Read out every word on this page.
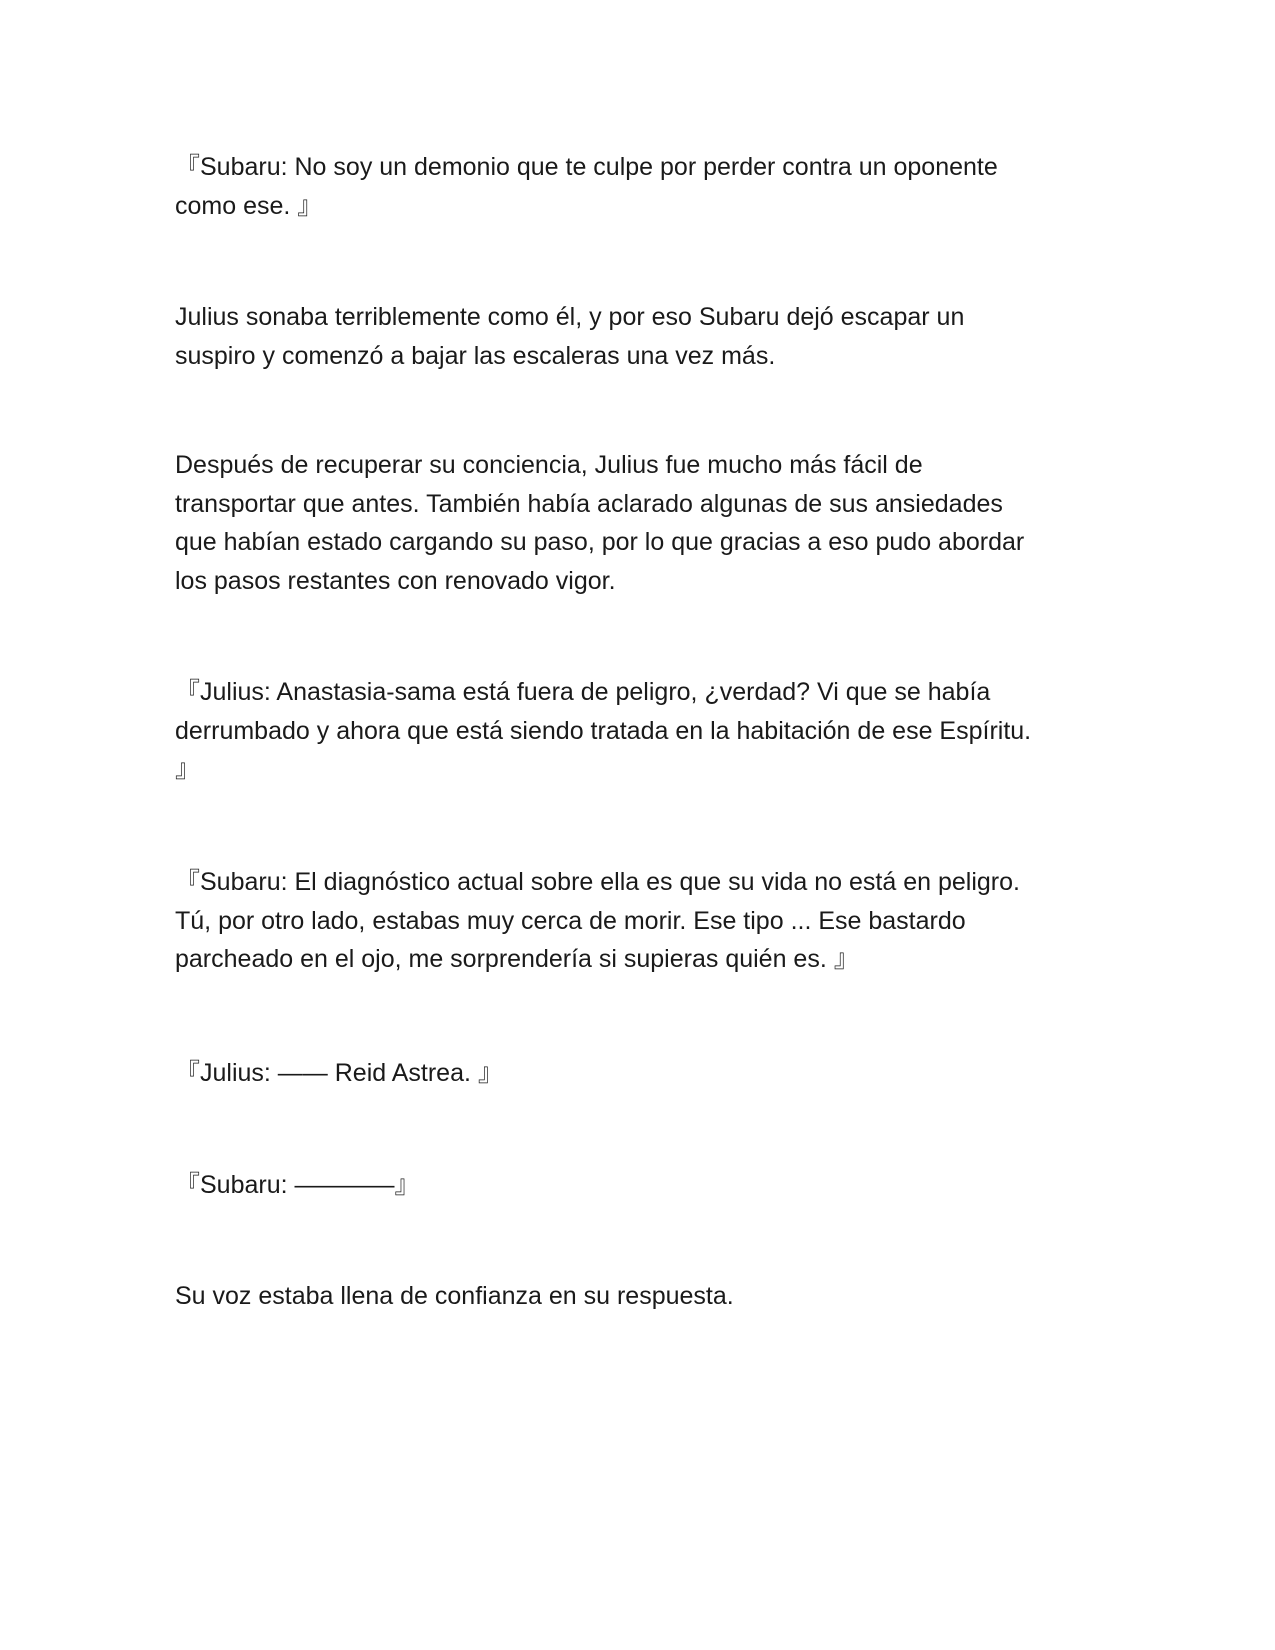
『Subaru: No soy un demonio que te culpe por perder contra un oponente
como ese. 』

Julius sonaba terriblemente como él, y por eso Subaru dejó escapar un
suspiro y comenzó a bajar las escaleras una vez más.

Después de recuperar su conciencia, Julius fue mucho más fácil de
transportar que antes. También había aclarado algunas de sus ansiedades
que habían estado cargando su paso, por lo que gracias a eso pudo abordar
los pasos restantes con renovado vigor.

『Julius: Anastasia-sama está fuera de peligro, ¿verdad? Vi que se había
derrumbado y ahora que está siendo tratada en la habitación de ese Espíritu.
』

『Subaru: El diagnóstico actual sobre ella es que su vida no está en peligro.
Tú, por otro lado, estabas muy cerca de morir. Ese tipo ... Ese bastardo
parcheado en el ojo, me sorprendería si supieras quién es. 』

『Julius: —— Reid Astrea. 』

『Subaru: ————』

Su voz estaba llena de confianza en su respuesta.
